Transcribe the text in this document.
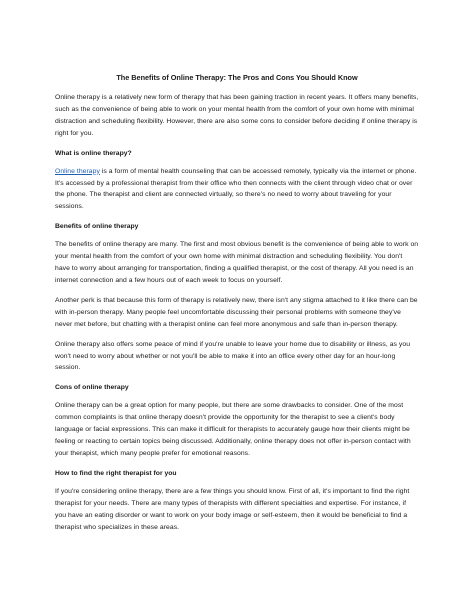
The Benefits of Online Therapy: The Pros and Cons You Should Know

Online therapy is a relatively new form of therapy that has been gaining traction in recent years. It offers many benefits, such as the convenience of being able to work on your mental health from the comfort of your own home with minimal distraction and scheduling flexibility. However, there are also some cons to consider before deciding if online therapy is right for you.

What is online therapy?

Online therapy is a form of mental health counseling that can be accessed remotely, typically via the internet or phone. It's accessed by a professional therapist from their office who then connects with the client through video chat or over the phone. The therapist and client are connected virtually, so there's no need to worry about traveling for your sessions.

Benefits of online therapy

The benefits of online therapy are many. The first and most obvious benefit is the convenience of being able to work on your mental health from the comfort of your own home with minimal distraction and scheduling flexibility. You don't have to worry about arranging for transportation, finding a qualified therapist, or the cost of therapy. All you need is an internet connection and a few hours out of each week to focus on yourself.

Another perk is that because this form of therapy is relatively new, there isn't any stigma attached to it like there can be with in-person therapy. Many people feel uncomfortable discussing their personal problems with someone they've never met before, but chatting with a therapist online can feel more anonymous and safe than in-person therapy.

Online therapy also offers some peace of mind if you're unable to leave your home due to disability or illness, as you won't need to worry about whether or not you'll be able to make it into an office every other day for an hour-long session.

Cons of online therapy

Online therapy can be a great option for many people, but there are some drawbacks to consider. One of the most common complaints is that online therapy doesn't provide the opportunity for the therapist to see a client's body language or facial expressions. This can make it difficult for therapists to accurately gauge how their clients might be feeling or reacting to certain topics being discussed. Additionally, online therapy does not offer in-person contact with your therapist, which many people prefer for emotional reasons.

How to find the right therapist for you

If you're considering online therapy, there are a few things you should know. First of all, it's important to find the right therapist for your needs. There are many types of therapists with different specialties and expertise. For instance, if you have an eating disorder or want to work on your body image or self-esteem, then it would be beneficial to find a therapist who specializes in these areas.
